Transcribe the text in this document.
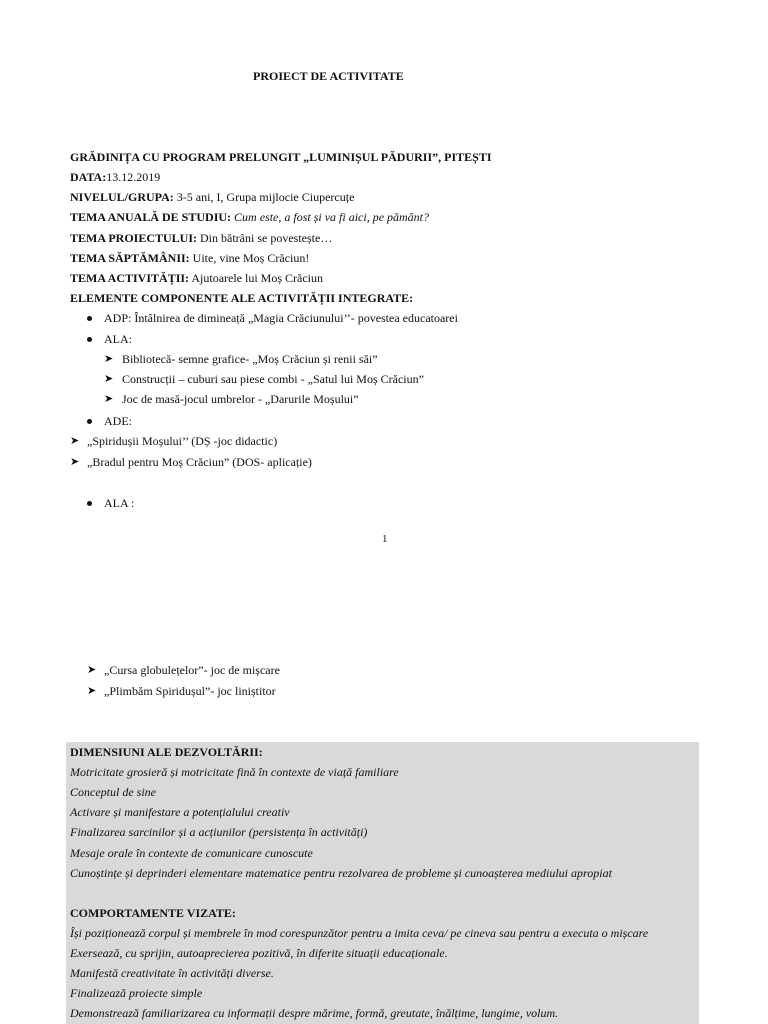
PROIECT DE ACTIVITATE
GRĂDINIȚA CU PROGRAM PRELUNGIT „LUMINIȘUL PĂDURII”, PITEȘTI
DATA:13.12.2019
NIVELUL/GRUPA: 3-5 ani, I, Grupa mijlocie Ciupercuțe
TEMA ANUALĂ DE STUDIU: Cum este, a fost și va fi aici, pe pământ?
TEMA PROIECTULUI: Din bătrâni se povestește…
TEMA SĂPTĂMÂNII: Uite, vine Moș Crăciun!
TEMA ACTIVITĂȚII: Ajutoarele lui Moș Crăciun
ELEMENTE COMPONENTE ALE ACTIVITĂȚII INTEGRATE:
ADP: Întâlnirea de dimineață „Magia Crăciunului’’- povestea educatoarei
ALA:
➤ Bibliotecă- semne grafice- „Moș Crăciun și renii săi”
➤ Construcții – cuburi sau piese combi - „Satul lui Moș Crăciun”
➤ Joc de masă-jocul umbrelor - „Darurile Moșului”
ADE:
➤ „Spiridușii Moșului’’ (DȘ -joc didactic)
➤ „Bradul pentru Moș Crăciun” (DOS- aplicație)
ALA :
1
➤ „Cursa globulețelor”- joc de mișcare
➤ „Plimbăm Spiridușul”- joc liniștitor
DIMENSIUNI ALE DEZVOLTĂRII:
Motricitate grosieră și motricitate fină în contexte de viață familiare
Conceptul de sine
Activare și manifestare a potențialului creativ
Finalizarea sarcinilor și a acțiunilor (persistența în activități)
Mesaje orale în contexte de comunicare cunoscute
Cunoștințe și deprinderi elementare matematice pentru rezolvarea de probleme și cunoașterea mediului apropiat
COMPORTAMENTE VIZATE:
Își poziționează corpul și membrele în mod corespunzător pentru a imita ceva/ pe cineva sau pentru a executa o mișcare
Exersează, cu sprijin, autoaprecierea pozitivă, în diferite situații educaționale.
Manifestă creativitate în activități diverse.
Finalizează proiecte simple
Demonstrează familiarizarea cu informații despre mărime, formă, greutate, înălțime, lungime, volum.
